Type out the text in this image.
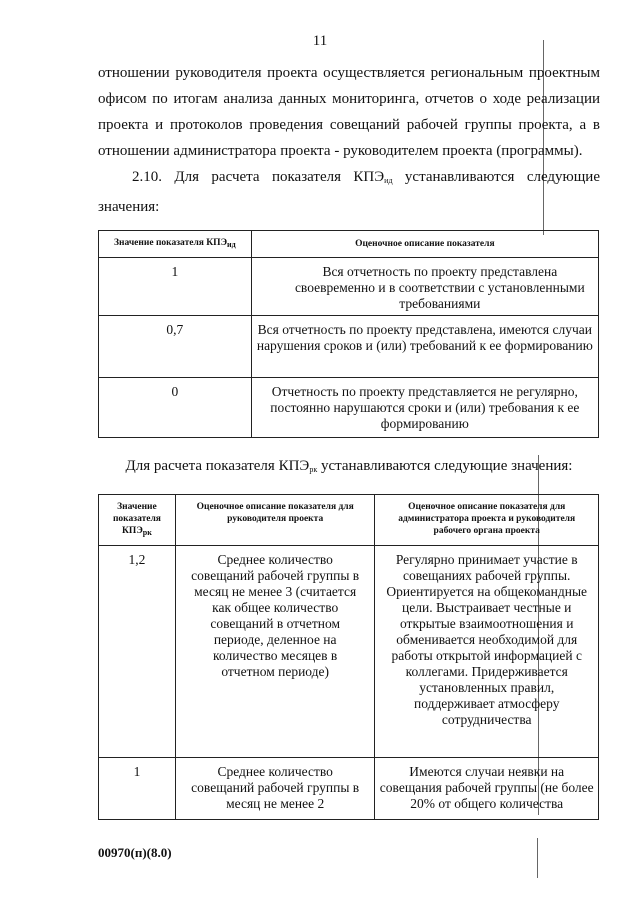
11
отношении руководителя проекта осуществляется региональным проектным
офисом по итогам анализа данных мониторинга, отчетов о ходе реализации
проекта и протоколов проведения совещаний рабочей группы проекта, а в
отношении администратора проекта - руководителем проекта (программы).
2.10. Для расчета показателя $КПЭ_{ид}$ устанавливаются следующие
значения:
Значение показателя $КПЭ_{ид}$	Оценочное описание показателя
1	Вся отчетность по проекту представлена своевременно и в соответствии с установленными требованиями
0,7	Вся отчетность по проекту представлена, имеются случаи нарушения сроков и (или) требований к ее формированию
0	Отчетность по проекту представляется не регулярно, постоянно нарушаются сроки и (или) требования к ее формированию
Для расчета показателя $КПЭ_{рк}$ устанавливаются следующие значения:
Значение показателя $КПЭ_{рк}$	Оценочное описание показателя для руководителя проекта	Оценочное описание показателя для администратора проекта и руководителя рабочего органа проекта
1,2	Среднее количество совещаний рабочей группы в месяц не менее 3 (считается как общее количество совещаний в отчетном периоде, деленное на количество месяцев в отчетном периоде)	Регулярно принимает участие в совещаниях рабочей группы. Ориентируется на общекомандные цели. Выстраивает честные и открытые взаимоотношения и обменивается необходимой для работы открытой информацией с коллегами. Придерживается установленных правил, поддерживает атмосферу сотрудничества
1	Среднее количество совещаний рабочей группы в месяц не менее 2	Имеются случаи неявки на совещания рабочей группы (не более 20% от общего количества
00970(п)(8.0)
